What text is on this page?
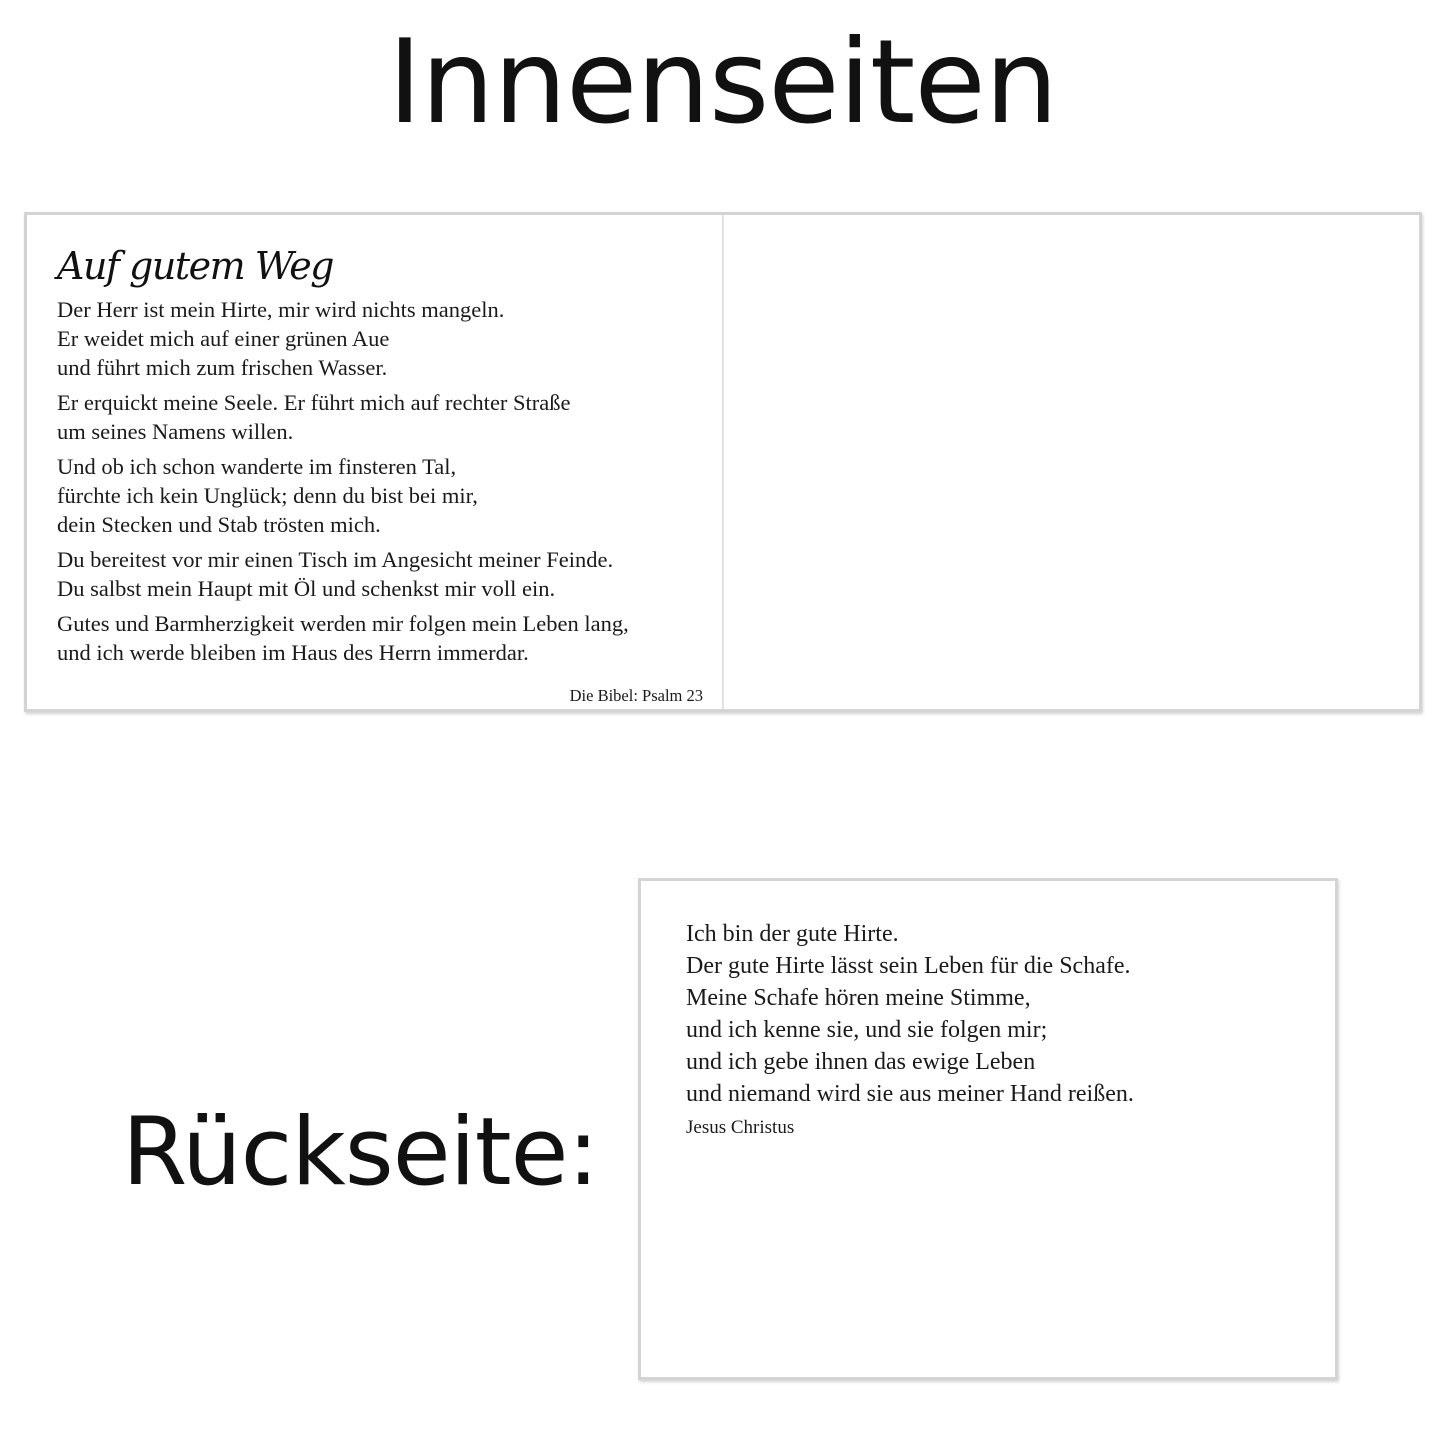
Innenseiten
Auf gutem Weg
Der Herr ist mein Hirte, mir wird nichts mangeln.
Er weidet mich auf einer grünen Aue
und führt mich zum frischen Wasser.
Er erquickt meine Seele. Er führt mich auf rechter Straße
um seines Namens willen.
Und ob ich schon wanderte im finsteren Tal,
fürchte ich kein Unglück; denn du bist bei mir,
dein Stecken und Stab trösten mich.
Du bereitest vor mir einen Tisch im Angesicht meiner Feinde.
Du salbst mein Haupt mit Öl und schenkst mir voll ein.
Gutes und Barmherzigkeit werden mir folgen mein Leben lang,
und ich werde bleiben im Haus des Herrn immerdar.
Die Bibel: Psalm 23
Rückseite:
Ich bin der gute Hirte.
Der gute Hirte lässt sein Leben für die Schafe.
Meine Schafe hören meine Stimme,
und ich kenne sie, und sie folgen mir;
und ich gebe ihnen das ewige Leben
und niemand wird sie aus meiner Hand reißen.
Jesus Christus
